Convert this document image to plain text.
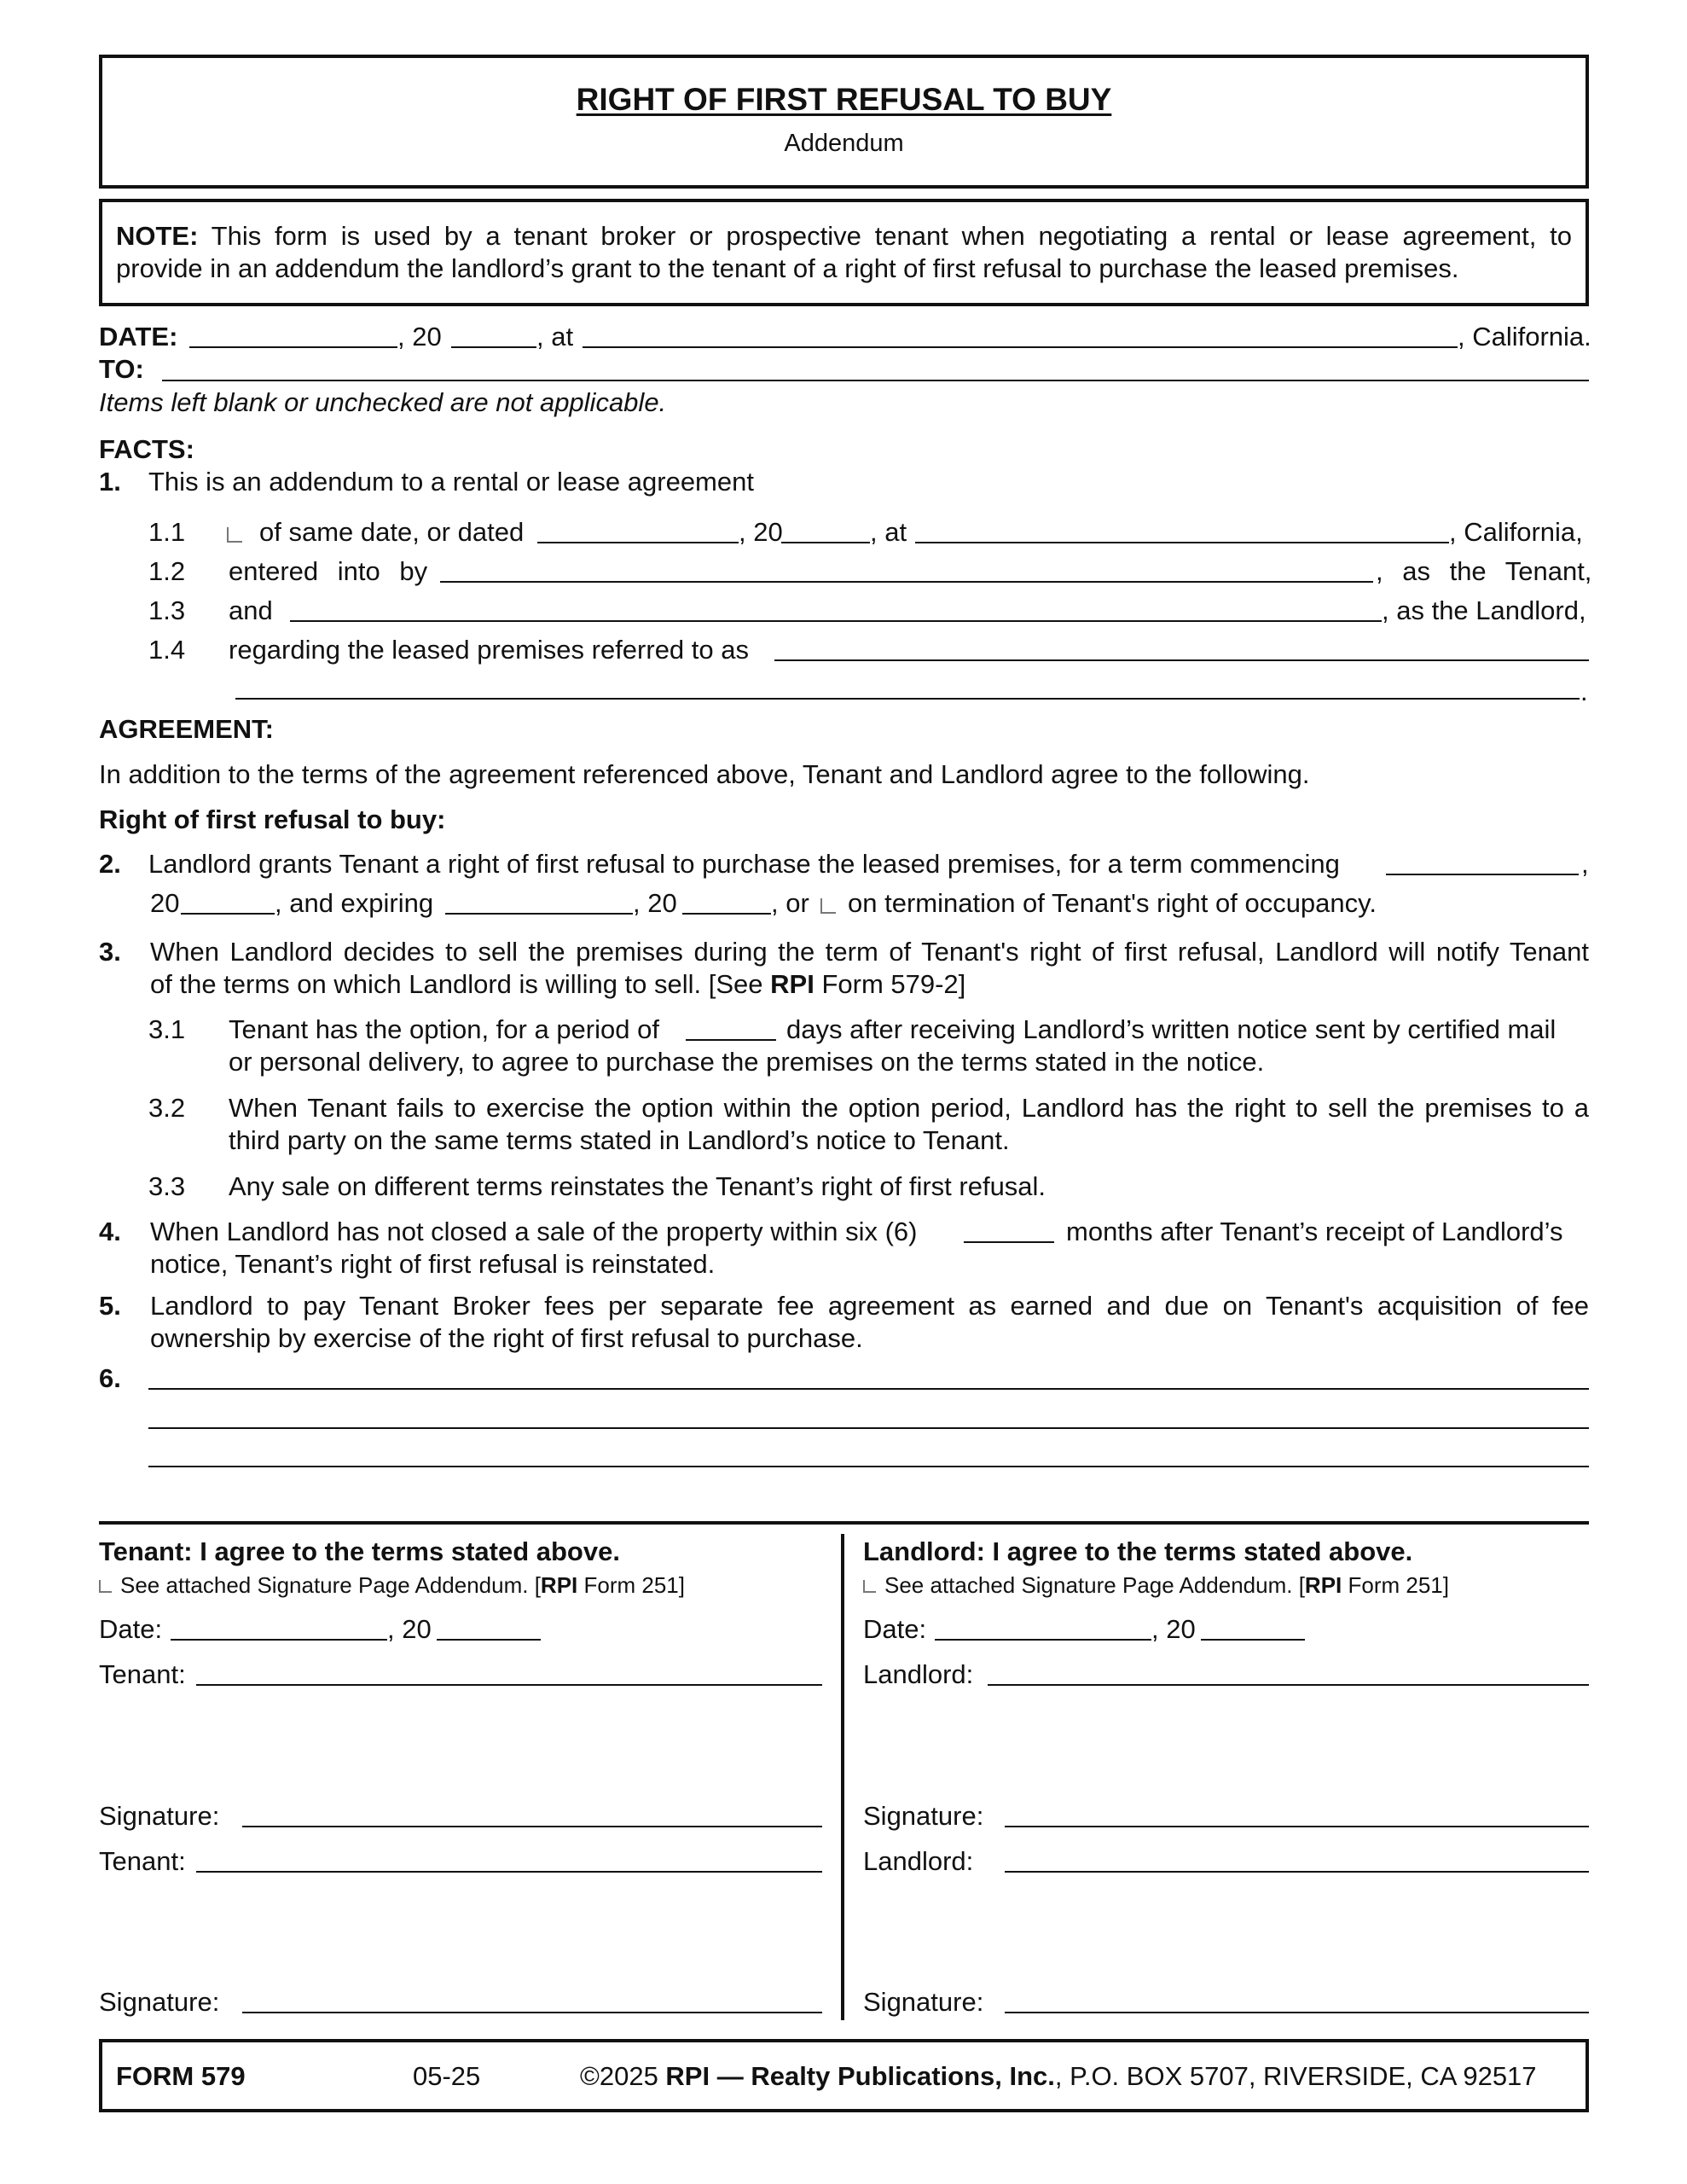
RIGHT OF FIRST REFUSAL TO BUY
Addendum
NOTE: This form is used by a tenant broker or prospective tenant when negotiating a rental or lease agreement, to
provide in an addendum the landlord’s grant to the tenant of a right of first refusal to purchase the leased premises.
DATE:	, 20	, at	, California.
TO:
Items left blank or unchecked are not applicable.
FACTS:
1. This is an addendum to a rental or lease agreement
1.1	of same date, or dated	, 20	, at	, California,
1.2 entered into by	, as the Tenant,
1.3 and	, as the Landlord,
1.4 regarding the leased premises referred to as
.
AGREEMENT:
In addition to the terms of the agreement referenced above, Tenant and Landlord agree to the following.
Right of first refusal to buy:
2. Landlord grants Tenant a right of first refusal to purchase the leased premises, for a term commencing	,
20	, and expiring	, 20	, or on termination of Tenant's right of occupancy.
3. When Landlord decides to sell the premises during the term of Tenant's right of first refusal, Landlord will notify Tenant
of the terms on which Landlord is willing to sell. [See RPI Form 579-2]
3.1 Tenant has the option, for a period of	days after receiving Landlord’s written notice sent by certified mail
or personal delivery, to agree to purchase the premises on the terms stated in the notice.
3.2 When Tenant fails to exercise the option within the option period, Landlord has the right to sell the premises to a
third party on the same terms stated in Landlord’s notice to Tenant.
3.3 Any sale on different terms reinstates the Tenant’s right of first refusal.
4. When Landlord has not closed a sale of the property within six (6)	months after Tenant’s receipt of Landlord’s
notice, Tenant’s right of first refusal is reinstated.
5. Landlord to pay Tenant Broker fees per separate fee agreement as earned and due on Tenant's acquisition of fee
ownership by exercise of the right of first refusal to purchase.
6.
Tenant: I agree to the terms stated above.
See attached Signature Page Addendum. [RPI Form 251]
Date:	, 20
Tenant:
Signature:
Tenant:
Signature:
Landlord: I agree to the terms stated above.
See attached Signature Page Addendum. [RPI Form 251]
Date:	, 20
Landlord:
Signature:
Landlord:
Signature:
FORM 579	05-25	©2025 RPI — Realty Publications, Inc., P.O. BOX 5707, RIVERSIDE, CA 92517
